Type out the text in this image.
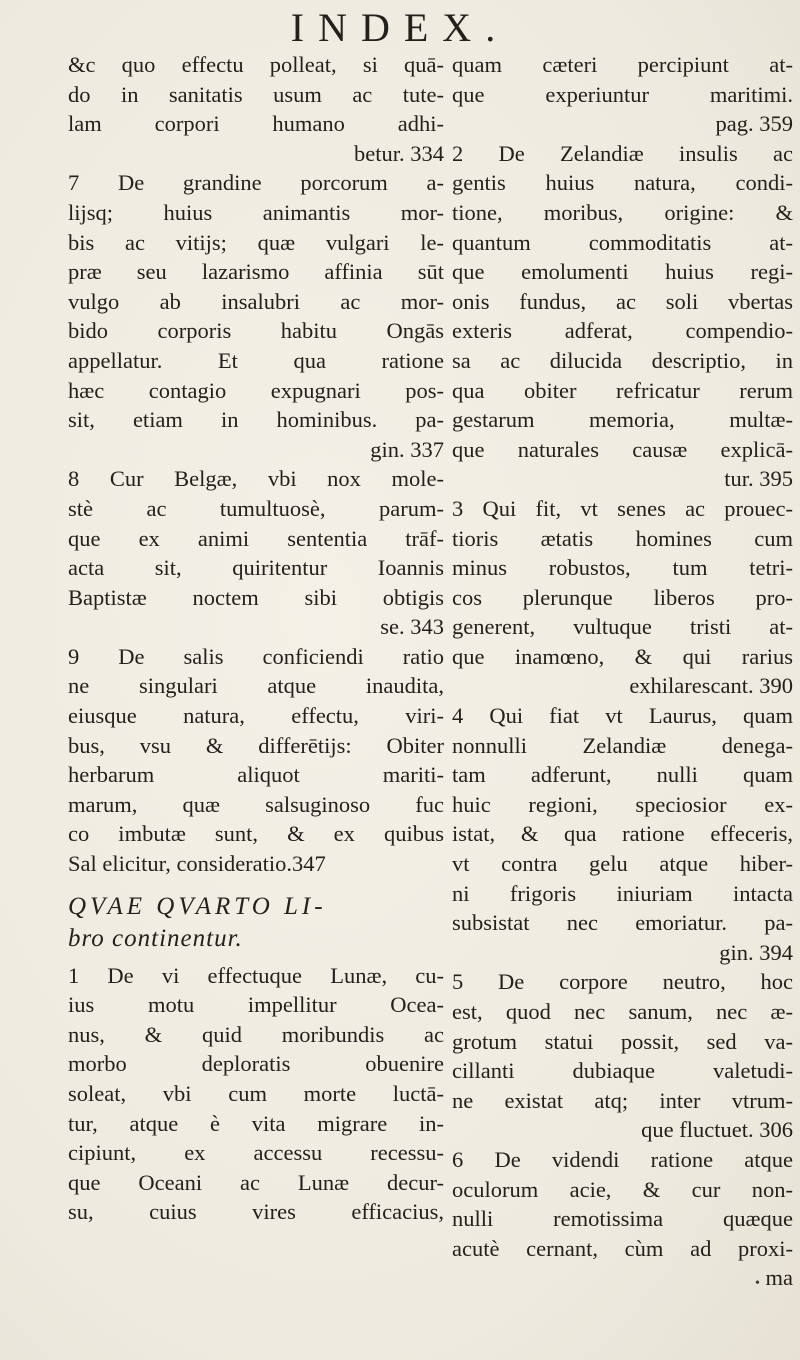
INDEX.
&c quo effectu polleat, si quā-
do in sanitatis usum ac tute-
lam corpori humano adhi-
betur. 334
7 De grandine porcorum a-
lijsq; huius animantis mor-
bis ac vitijs; quæ vulgari le-
præ seu lazarismo affinia sūt
vulgo ab insalubri ac mor-
bido corporis habitu Ongās
appellatur. Et qua ratione
hæc contagio expugnari pos-
sit, etiam in hominibus. pa-
gin. 337
8 Cur Belgæ, vbi nox mole-
stè ac tumultuosè, parum-
que ex animi sententia trāf-
acta sit, quiritentur Ioannis
Baptistæ noctem sibi obtigis
se. 343
9 De salis conficiendi ratio
ne singulari atque inaudita,
eiusque natura, effectu, viri-
bus, vsu & differētijs: Obiter
herbarum aliquot mariti-
marum, quæ salsuginoso fuc
co imbutæ sunt, & ex quibus
Sal elicitur, consideratio.347
QVAE QVARTO LI-
bro continentur.
1 De vi effectuque Lunæ, cu-
ius motu impellitur Ocea-
nus, & quid moribundis ac
morbo deploratis obuenire
soleat, vbi cum morte luctā-
tur, atque è vita migrare in-
cipiunt, ex accessu recessu-
que Oceani ac Lunæ decur-
su, cuius vires efficacius,
quam cæteri percipiunt at-
que experiuntur maritimi.
pag. 359
2 De Zelandiæ insulis ac
gentis huius natura, condi-
tione, moribus, origine: &
quantum commoditatis at-
que emolumenti huius regi-
onis fundus, ac soli vbertas
exteris adferat, compendio-
sa ac dilucida descriptio, in
qua obiter refricatur rerum
gestarum memoria, multæ-
que naturales causæ explicā-
tur. 395
3 Qui fit, vt senes ac prouec-
tioris ætatis homines cum
minus robustos, tum tetri-
cos plerunque liberos pro-
generent, vultuque tristi at-
que inamœno, & qui rarius
exhilarescant. 390
4 Qui fiat vt Laurus, quam
nonnulli Zelandiæ denega-
tam adferunt, nulli quam
huic regioni, speciosior ex-
istat, & qua ratione effeceris,
vt contra gelu atque hiber-
ni frigoris iniuriam intacta
subsistat nec emoriatur. pa-
gin. 394
5 De corpore neutro, hoc
est, quod nec sanum, nec æ-
grotum statui possit, sed va-
cillanti dubiaque valetudi-
ne existat atq; inter vtrum-
que fluctuet. 306
6 De videndi ratione atque
oculorum acie, & cur non-
nulli remotissima quæque
acutè cernant, cùm ad proxi-
ma
•
